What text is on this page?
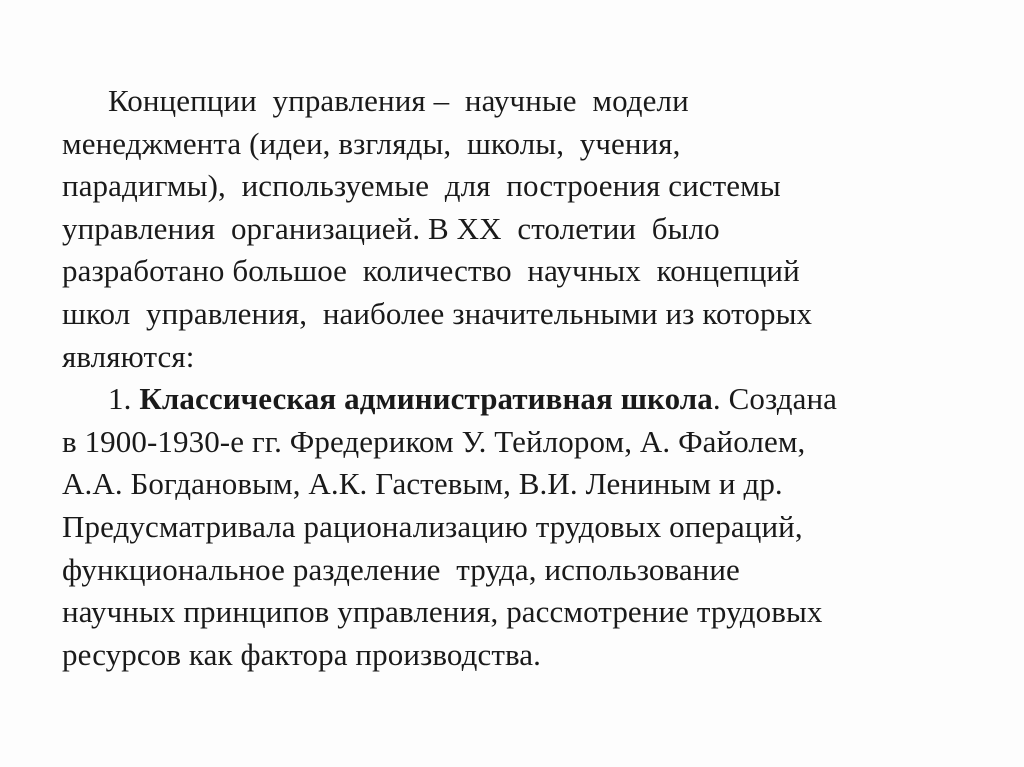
Концепции  управления –  научные  модели
менеджмента (идеи, взгляды,  школы,  учения,
парадигмы),  используемые  для  построения системы
управления  организацией. В XX  столетии  было
разработано большое  количество  научных  концепций
школ  управления,  наиболее значительными из которых
являются:
1. Классическая административная школа. Создана
в 1900-1930-е гг. Фредериком У. Тейлором, А. Файолем,
А.А. Богдановым, А.К. Гастевым, В.И. Лениным и др.
Предусматривала рационализацию трудовых операций,
функциональное разделение  труда, использование
научных принципов управления, рассмотрение трудовых
ресурсов как фактора производства.
